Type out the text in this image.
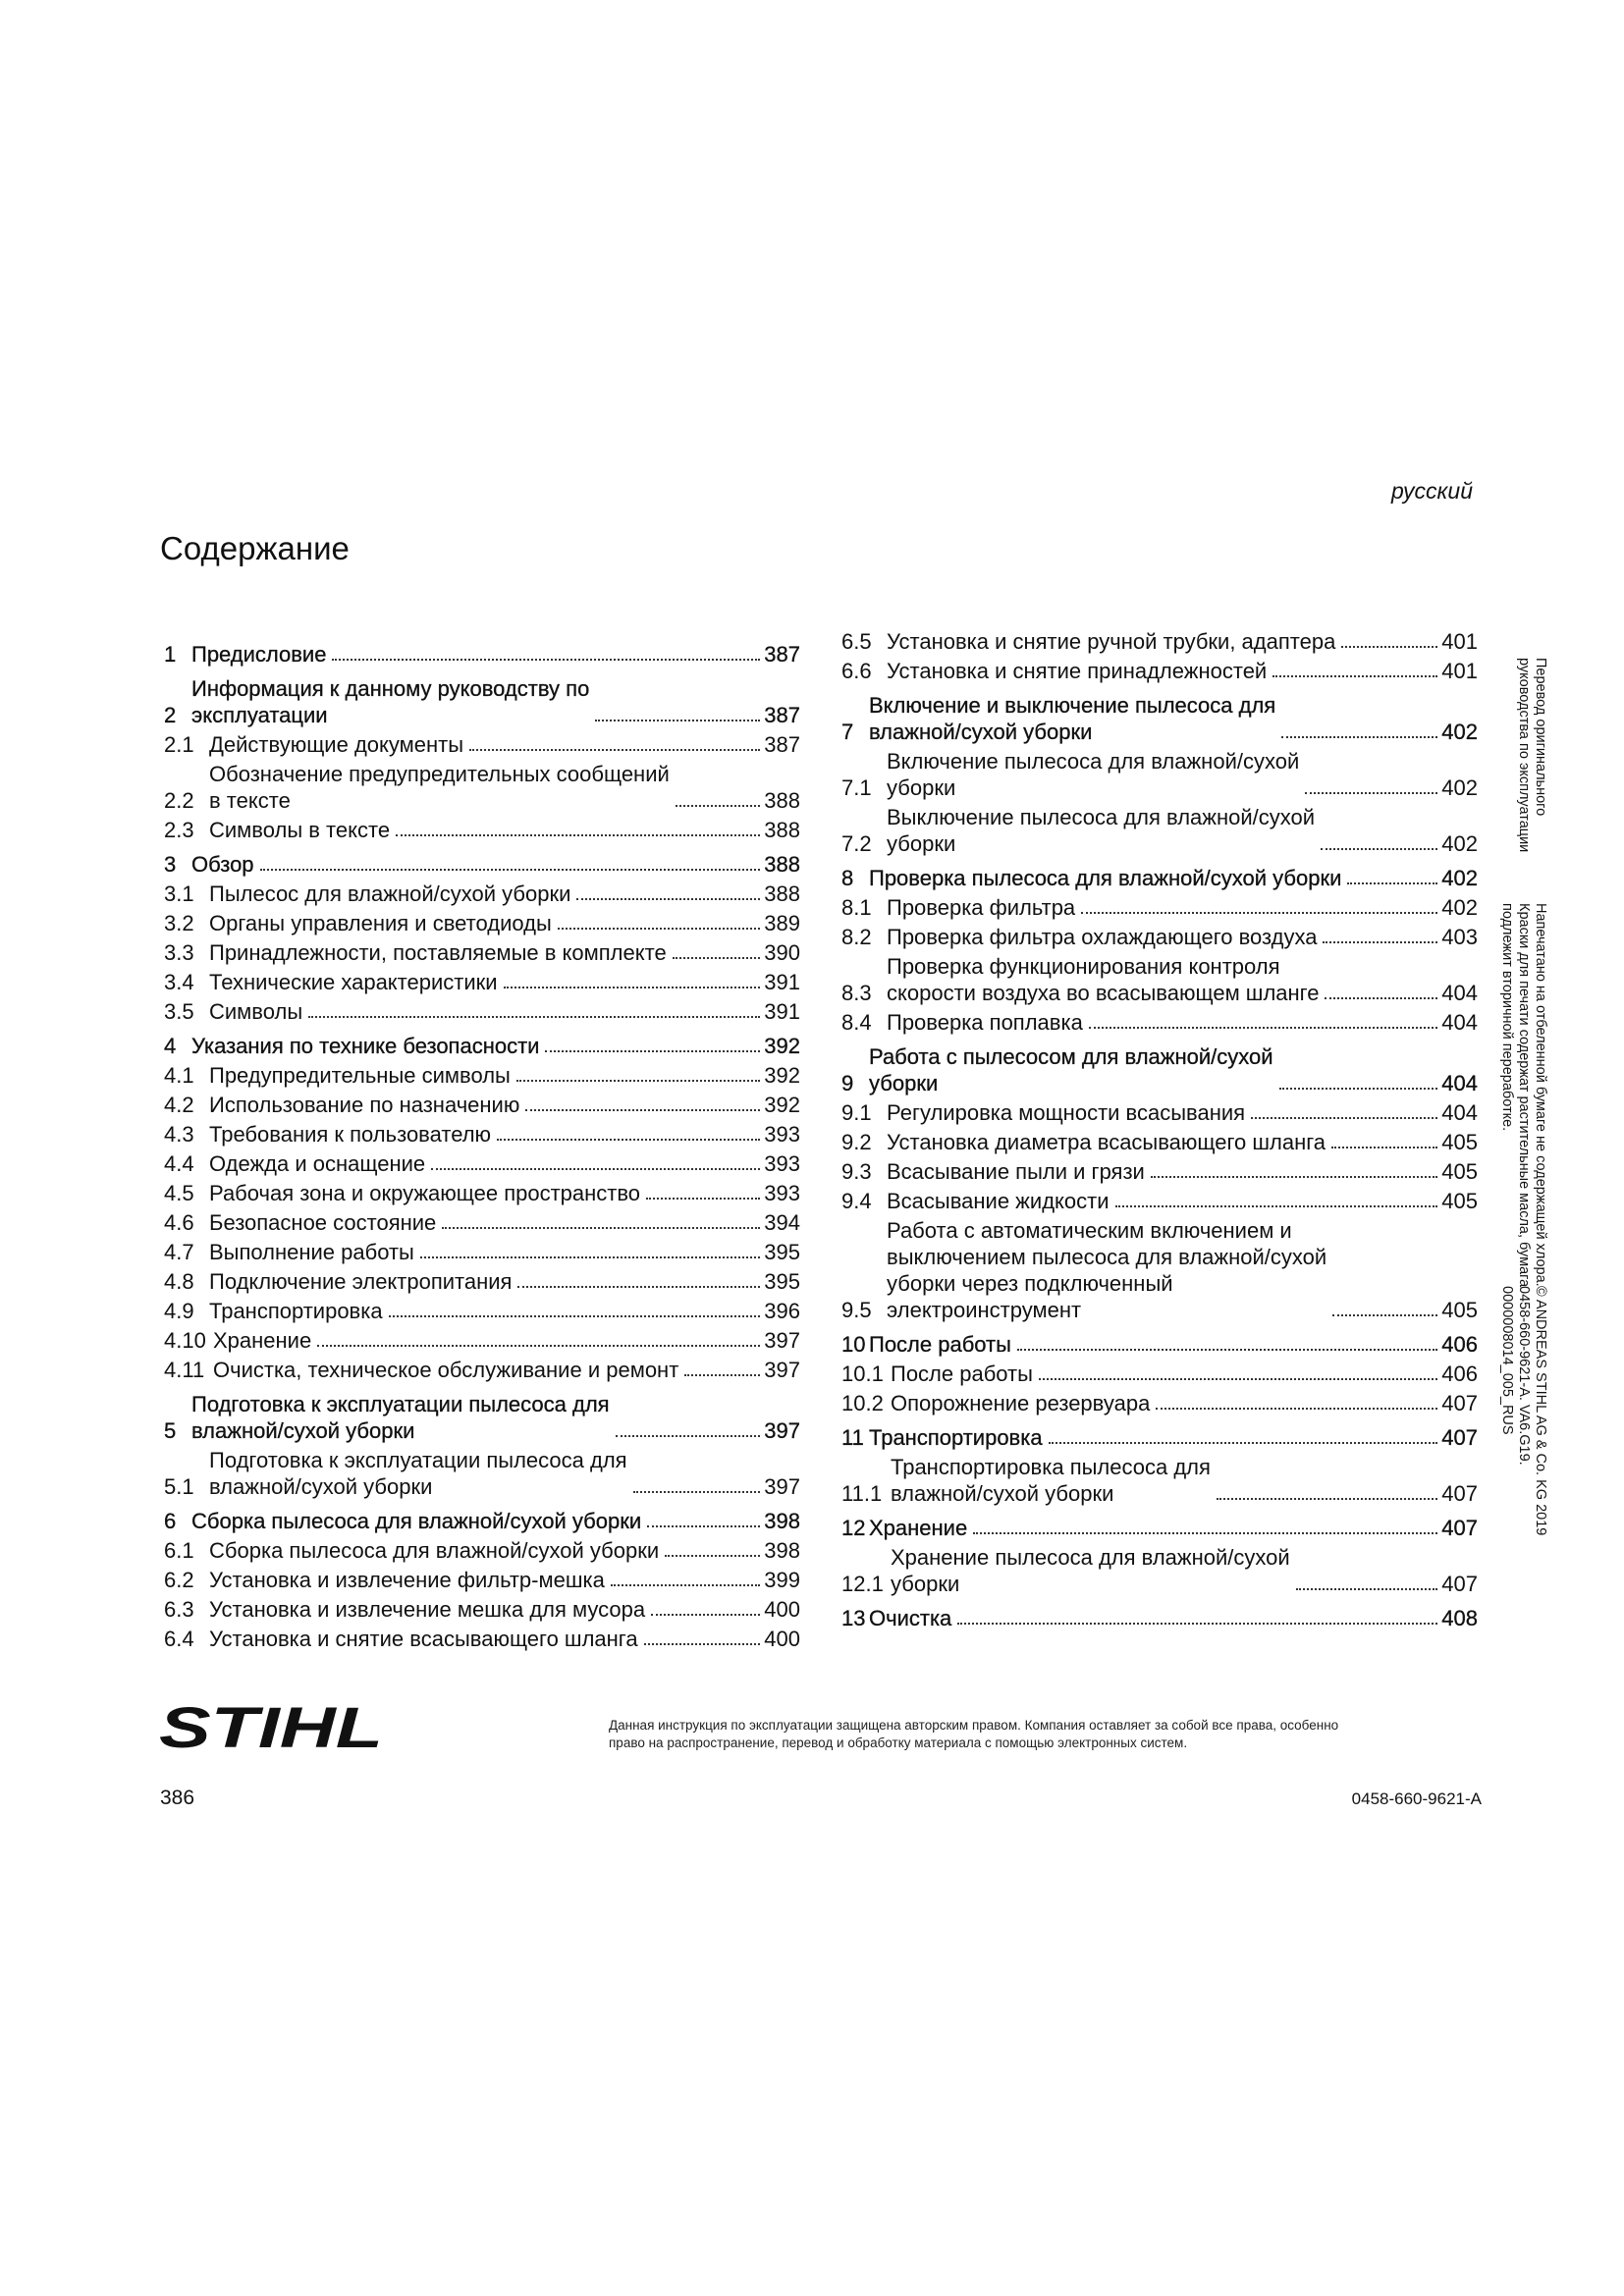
русский
Содержание
1 Предисловие	387
2
Информация к данному руководству по
эксплуатации	387
2.1 Действующие документы	387
2.2
Обозначение предупредительных сообщений
в тексте	388
2.3 Символы в тексте	388
3 Обзор	388
3.1 Пылесос для влажной/сухой уборки	388
3.2 Органы управления и светодиоды	389
3.3 Принадлежности, поставляемые в комплекте	390
3.4 Технические характеристики	391
3.5 Символы	391
4 Указания по технике безопасности	392
4.1 Предупредительные символы	392
4.2 Использование по назначению	392
4.3 Требования к пользователю	393
4.4 Одежда и оснащение	393
4.5 Рабочая зона и окружающее пространство	393
4.6 Безопасное состояние	394
4.7 Выполнение работы	395
4.8 Подключение электропитания	395
4.9 Транспортировка	396
4.10 Хранение	397
4.11 Очистка, техническое обслуживание и ремонт	397
5
Подготовка к эксплуатации пылесоса для
влажной/сухой уборки	397
5.1
Подготовка к эксплуатации пылесоса для
влажной/сухой уборки	397
6 Сборка пылесоса для влажной/сухой уборки	398
6.1 Сборка пылесоса для влажной/сухой уборки	398
6.2 Установка и извлечение фильтр-мешка	399
6.3 Установка и извлечение мешка для мусора	400
6.4 Установка и снятие всасывающего шланга	400
6.5 Установка и снятие ручной трубки, адаптера	401
6.6 Установка и снятие принадлежностей	401
7
Включение и выключение пылесоса для
влажной/сухой уборки	402
7.1
Включение пылесоса для влажной/сухой
уборки	402
7.2
Выключение пылесоса для влажной/сухой
уборки	402
8 Проверка пылесоса для влажной/сухой уборки	402
8.1 Проверка фильтра	402
8.2 Проверка фильтра охлаждающего воздуха	403
8.3
Проверка функционирования контроля
скорости воздуха во всасывающем шланге	404
8.4 Проверка поплавка	404
9
Работа с пылесосом для влажной/сухой
уборки	404
9.1 Регулировка мощности всасывания	404
9.2 Установка диаметра всасывающего шланга	405
9.3 Всасывание пыли и грязи	405
9.4 Всасывание жидкости	405
9.5
Работа с автоматическим включением и
выключением пылесоса для влажной/сухой
уборки через подключенный
электроинструмент	405
10 После работы	406
10.1 После работы	406
10.2 Опорожнение резервуара	407
11 Транспортировка	407
11.1
Транспортировка пылесоса для
влажной/сухой уборки	407
12 Хранение	407
12.1
Хранение пылесоса для влажной/сухой
уборки	407
13 Очистка	408
Перевод оригинального
руководства по эксплуатации
Напечатано на отбеленной бумаге не содержащей хлора.
Краски для печати содержат растительные масла, бумага
подлежит вторичной переработке.
© ANDREAS STIHL AG & Co. KG 2019
0458-660-9621-A. VA6.G19.
0000008014_005_RUS
STIHL	Данная инструкция по эксплуатации защищена авторским правом. Компания оставляет за собой все права, особенно
право на распространение, перевод и обработку материала с помощью электронных систем.
386	0458-660-9621-A
